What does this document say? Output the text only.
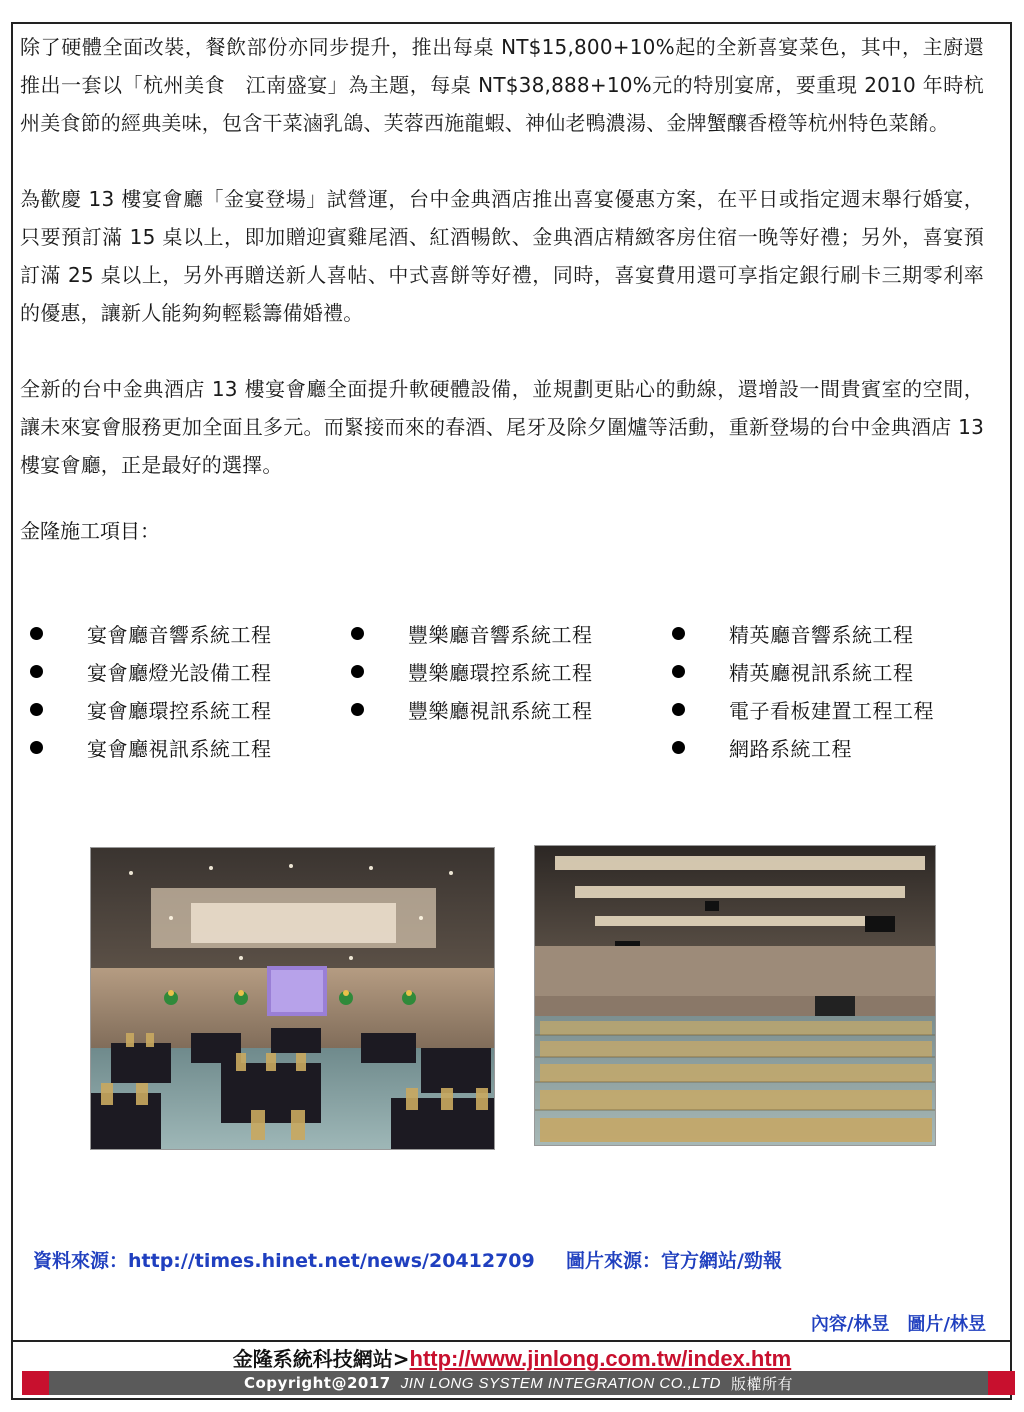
除了硬體全面改裝，餐飲部份亦同步提升，推出每桌 NT$15,800+10%起的全新喜宴菜色，其中，主廚還推出一套以「杭州美食　江南盛宴」為主題，每桌 NT$38,888+10%元的特別宴席，要重現 2010 年時杭州美食節的經典美味，包含干菜滷乳鴿、芙蓉西施龍蝦、神仙老鴨濃湯、金牌蟹釀香橙等杭州特色菜餚。

為歡慶 13 樓宴會廳「金宴登場」試營運，台中金典酒店推出喜宴優惠方案，在平日或指定週末舉行婚宴，只要預訂滿 15 桌以上，即加贈迎賓雞尾酒、紅酒暢飲、金典酒店精緻客房住宿一晚等好禮；另外，喜宴預訂滿 25 桌以上，另外再贈送新人喜帖、中式喜餅等好禮，同時，喜宴費用還可享指定銀行刷卡三期零利率的優惠，讓新人能夠夠輕鬆籌備婚禮。

全新的台中金典酒店 13 樓宴會廳全面提升軟硬體設備，並規劃更貼心的動線，還增設一間貴賓室的空間，讓未來宴會服務更加全面且多元。而緊接而來的春酒、尾牙及除夕圍爐等活動，重新登場的台中金典酒店 13 樓宴會廳，正是最好的選擇。

金隆施工項目：

宴會廳音響系統工程
宴會廳燈光設備工程
宴會廳環控系統工程
宴會廳視訊系統工程
豐樂廳音響系統工程
豐樂廳環控系統工程
豐樂廳視訊系統工程
精英廳音響系統工程
精英廳視訊系統工程
電子看板建置工程工程
網路系統工程
資料來源：http://times.hinet.net/news/20412709 圖片來源：官方網站/勁報
內容/林昱　圖片/林昱
金隆系統科技網站>http://www.jinlong.com.tw/index.htm
Copyright@2017 JIN LONG SYSTEM INTEGRATION CO.,LTD 版權所有
